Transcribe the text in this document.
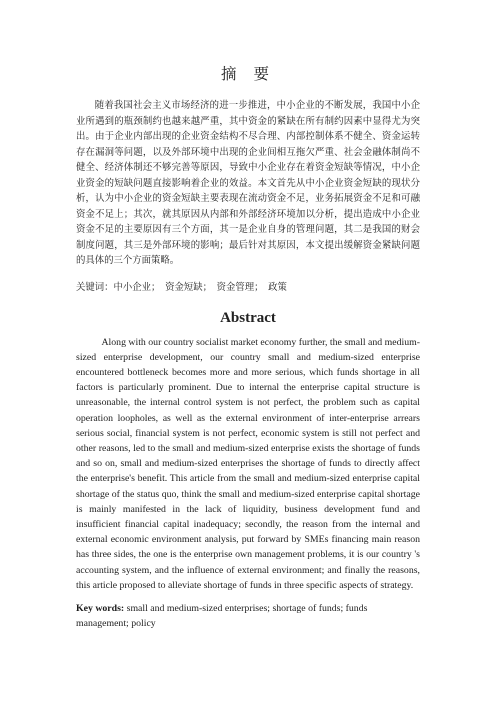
摘 要

随着我国社会主义市场经济的进一步推进，中小企业的不断发展，我国中小企业所遇到的瓶颈制约也越来越严重，其中资金的紧缺在所有制约因素中显得尤为突出。由于企业内部出现的企业资金结构不尽合理、内部控制体系不健全、资金运转存在漏洞等问题，以及外部环境中出现的企业间相互拖欠严重、社会金融体制尚不健全、经济体制还不够完善等原因，导致中小企业存在着资金短缺等情况，中小企业资金的短缺问题直接影响着企业的效益。本文首先从中小企业资金短缺的现状分析，认为中小企业的资金短缺主要表现在流动资金不足，业务拓展资金不足和可融资金不足上；其次，就其原因从内部和外部经济环境加以分析，提出造成中小企业资金不足的主要原因有三个方面，其一是企业自身的管理问题，其二是我国的财会制度问题，其三是外部环境的影响；最后针对其原因，本文提出缓解资金紧缺问题的具体的三个方面策略。

关键词：中小企业；　资金短缺；　资金管理；　政策

Abstract

Along with our country socialist market economy further, the small and medium-sized enterprise development, our country small and medium-sized enterprise encountered bottleneck becomes more and more serious, which funds shortage in all factors is particularly prominent. Due to internal the enterprise capital structure is unreasonable, the internal control system is not perfect, the problem such as capital operation loopholes, as well as the external environment of inter-enterprise arrears serious social, financial system is not perfect, economic system is still not perfect and other reasons, led to the small and medium-sized enterprise exists the shortage of funds and so on, small and medium-sized enterprises the shortage of funds to directly affect the enterprise's benefit. This article from the small and medium-sized enterprise capital shortage of the status quo, think the small and medium-sized enterprise capital shortage is mainly manifested in the lack of liquidity, business development fund and insufficient financial capital inadequacy; secondly, the reason from the internal and external economic environment analysis, put forward by SMEs financing main reason has three sides, the one is the enterprise own management problems, it is our country 's accounting system, and the influence of external environment; and finally the reasons, this article proposed to alleviate shortage of funds in three specific aspects of strategy.

Key words: small and medium-sized enterprises; shortage of funds; funds management; policy
